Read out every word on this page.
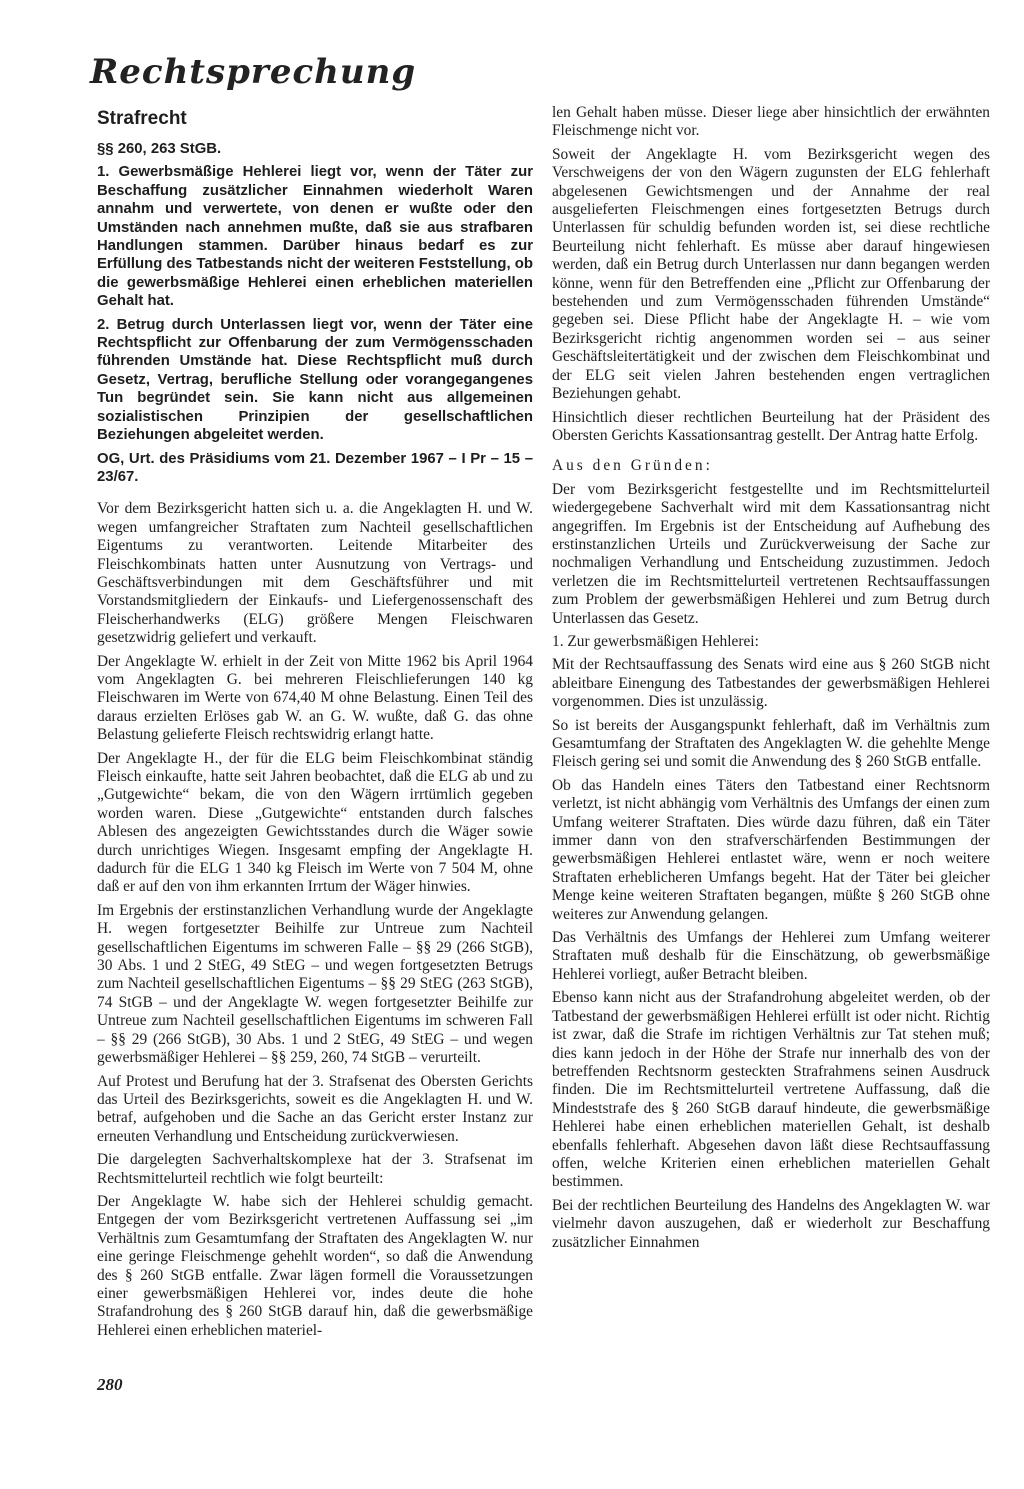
Rechtsprechung
Strafrecht

§§ 260, 263 StGB.

1. Gewerbsmäßige Hehlerei liegt vor, wenn der Täter zur Beschaffung zusätzlicher Einnahmen wiederholt Waren annahm und verwertete, von denen er wußte oder den Umständen nach annehmen mußte, daß sie aus strafbaren Handlungen stammen. Darüber hinaus bedarf es zur Erfüllung des Tatbestands nicht der weiteren Feststellung, ob die gewerbsmäßige Hehlerei einen erheblichen materiellen Gehalt hat.

2. Betrug durch Unterlassen liegt vor, wenn der Täter eine Rechtspflicht zur Offenbarung der zum Vermögensschaden führenden Umstände hat. Diese Rechtspflicht muß durch Gesetz, Vertrag, berufliche Stellung oder vorangegangenes Tun begründet sein. Sie kann nicht aus allgemeinen sozialistischen Prinzipien der gesellschaftlichen Beziehungen abgeleitet werden.

OG, Urt. des Präsidiums vom 21. Dezember 1967 – I Pr – 15 – 23/67.

Vor dem Bezirksgericht hatten sich u. a. die Angeklagten H. und W. wegen umfangreicher Straftaten zum Nachteil gesellschaftlichen Eigentums zu verantworten. Leitende Mitarbeiter des Fleischkombinats hatten unter Ausnutzung von Vertrags- und Geschäftsverbindungen mit dem Geschäftsführer und mit Vorstandsmitgliedern der Einkaufs- und Liefergenossenschaft des Fleischerhandwerks (ELG) größere Mengen Fleischwaren gesetzwidrig geliefert und verkauft.

Der Angeklagte W. erhielt in der Zeit von Mitte 1962 bis April 1964 vom Angeklagten G. bei mehreren Fleischlieferungen 140 kg Fleischwaren im Werte von 674,40 M ohne Belastung. Einen Teil des daraus erzielten Erlöses gab W. an G. W. wußte, daß G. das ohne Belastung gelieferte Fleisch rechtswidrig erlangt hatte.

Der Angeklagte H., der für die ELG beim Fleischkombinat ständig Fleisch einkaufte, hatte seit Jahren beobachtet, daß die ELG ab und zu „Gutgewichte“ bekam, die von den Wägern irrtümlich gegeben worden waren. Diese „Gutgewichte“ entstanden durch falsches Ablesen des angezeigten Gewichtsstandes durch die Wäger sowie durch unrichtiges Wiegen. Insgesamt empfing der Angeklagte H. dadurch für die ELG 1 340 kg Fleisch im Werte von 7 504 M, ohne daß er auf den von ihm erkannten Irrtum der Wäger hinwies.

Im Ergebnis der erstinstanzlichen Verhandlung wurde der Angeklagte H. wegen fortgesetzter Beihilfe zur Untreue zum Nachteil gesellschaftlichen Eigentums im schweren Falle – §§ 29 (266 StGB), 30 Abs. 1 und 2 StEG, 49 StEG – und wegen fortgesetzten Betrugs zum Nachteil gesellschaftlichen Eigentums – §§ 29 StEG (263 StGB), 74 StGB – und der Angeklagte W. wegen fortgesetzter Beihilfe zur Untreue zum Nachteil gesellschaftlichen Eigentums im schweren Fall – §§ 29 (266 StGB), 30 Abs. 1 und 2 StEG, 49 StEG – und wegen gewerbsmäßiger Hehlerei – §§ 259, 260, 74 StGB – verurteilt.

Auf Protest und Berufung hat der 3. Strafsenat des Obersten Gerichts das Urteil des Bezirksgerichts, soweit es die Angeklagten H. und W. betraf, aufgehoben und die Sache an das Gericht erster Instanz zur erneuten Verhandlung und Entscheidung zurückverwiesen.

Die dargelegten Sachverhaltskomplexe hat der 3. Strafsenat im Rechtsmittelurteil rechtlich wie folgt beurteilt:

Der Angeklagte W. habe sich der Hehlerei schuldig gemacht. Entgegen der vom Bezirksgericht vertretenen Auffassung sei „im Verhältnis zum Gesamtumfang der Straftaten des Angeklagten W. nur eine geringe Fleischmenge gehehlt worden“, so daß die Anwendung des § 260 StGB entfalle. Zwar lägen formell die Voraussetzungen einer gewerbsmäßigen Hehlerei vor, indes deute die hohe Strafandrohung des § 260 StGB darauf hin, daß die gewerbsmäßige Hehlerei einen erheblichen materiel-

len Gehalt haben müsse. Dieser liege aber hinsichtlich der erwähnten Fleischmenge nicht vor.

Soweit der Angeklagte H. vom Bezirksgericht wegen des Verschweigens der von den Wägern zugunsten der ELG fehlerhaft abgelesenen Gewichtsmengen und der Annahme der real ausgelieferten Fleischmengen eines fortgesetzten Betrugs durch Unterlassen für schuldig befunden worden ist, sei diese rechtliche Beurteilung nicht fehlerhaft. Es müsse aber darauf hingewiesen werden, daß ein Betrug durch Unterlassen nur dann begangen werden könne, wenn für den Betreffenden eine „Pflicht zur Offenbarung der bestehenden und zum Vermögensschaden führenden Umstände“ gegeben sei. Diese Pflicht habe der Angeklagte H. – wie vom Bezirksgericht richtig angenommen worden sei – aus seiner Geschäftsleitertätigkeit und der zwischen dem Fleischkombinat und der ELG seit vielen Jahren bestehenden engen vertraglichen Beziehungen gehabt.

Hinsichtlich dieser rechtlichen Beurteilung hat der Präsident des Obersten Gerichts Kassationsantrag gestellt. Der Antrag hatte Erfolg.

Aus den Gründen:

Der vom Bezirksgericht festgestellte und im Rechtsmittelurteil wiedergegebene Sachverhalt wird mit dem Kassationsantrag nicht angegriffen. Im Ergebnis ist der Entscheidung auf Aufhebung des erstinstanzlichen Urteils und Zurückverweisung der Sache zur nochmaligen Verhandlung und Entscheidung zuzustimmen. Jedoch verletzen die im Rechtsmittelurteil vertretenen Rechtsauffassungen zum Problem der gewerbsmäßigen Hehlerei und zum Betrug durch Unterlassen das Gesetz.

1. Zur gewerbsmäßigen Hehlerei:

Mit der Rechtsauffassung des Senats wird eine aus § 260 StGB nicht ableitbare Einengung des Tatbestandes der gewerbsmäßigen Hehlerei vorgenommen. Dies ist unzulässig.

So ist bereits der Ausgangspunkt fehlerhaft, daß im Verhältnis zum Gesamtumfang der Straftaten des Angeklagten W. die gehehlte Menge Fleisch gering sei und somit die Anwendung des § 260 StGB entfalle.

Ob das Handeln eines Täters den Tatbestand einer Rechtsnorm verletzt, ist nicht abhängig vom Verhältnis des Umfangs der einen zum Umfang weiterer Straftaten. Dies würde dazu führen, daß ein Täter immer dann von den strafverschärfenden Bestimmungen der gewerbsmäßigen Hehlerei entlastet wäre, wenn er noch weitere Straftaten erheblicheren Umfangs begeht. Hat der Täter bei gleicher Menge keine weiteren Straftaten begangen, müßte § 260 StGB ohne weiteres zur Anwendung gelangen.

Das Verhältnis des Umfangs der Hehlerei zum Umfang weiterer Straftaten muß deshalb für die Einschätzung, ob gewerbsmäßige Hehlerei vorliegt, außer Betracht bleiben.

Ebenso kann nicht aus der Strafandrohung abgeleitet werden, ob der Tatbestand der gewerbsmäßigen Hehlerei erfüllt ist oder nicht. Richtig ist zwar, daß die Strafe im richtigen Verhältnis zur Tat stehen muß; dies kann jedoch in der Höhe der Strafe nur innerhalb des von der betreffenden Rechtsnorm gesteckten Strafrahmens seinen Ausdruck finden. Die im Rechtsmittelurteil vertretene Auffassung, daß die Mindeststrafe des § 260 StGB darauf hindeute, die gewerbsmäßige Hehlerei habe einen erheblichen materiellen Gehalt, ist deshalb ebenfalls fehlerhaft. Abgesehen davon läßt diese Rechtsauffassung offen, welche Kriterien einen erheblichen materiellen Gehalt bestimmen.

Bei der rechtlichen Beurteilung des Handelns des Angeklagten W. war vielmehr davon auszugehen, daß er wiederholt zur Beschaffung zusätzlicher Einnahmen

280
